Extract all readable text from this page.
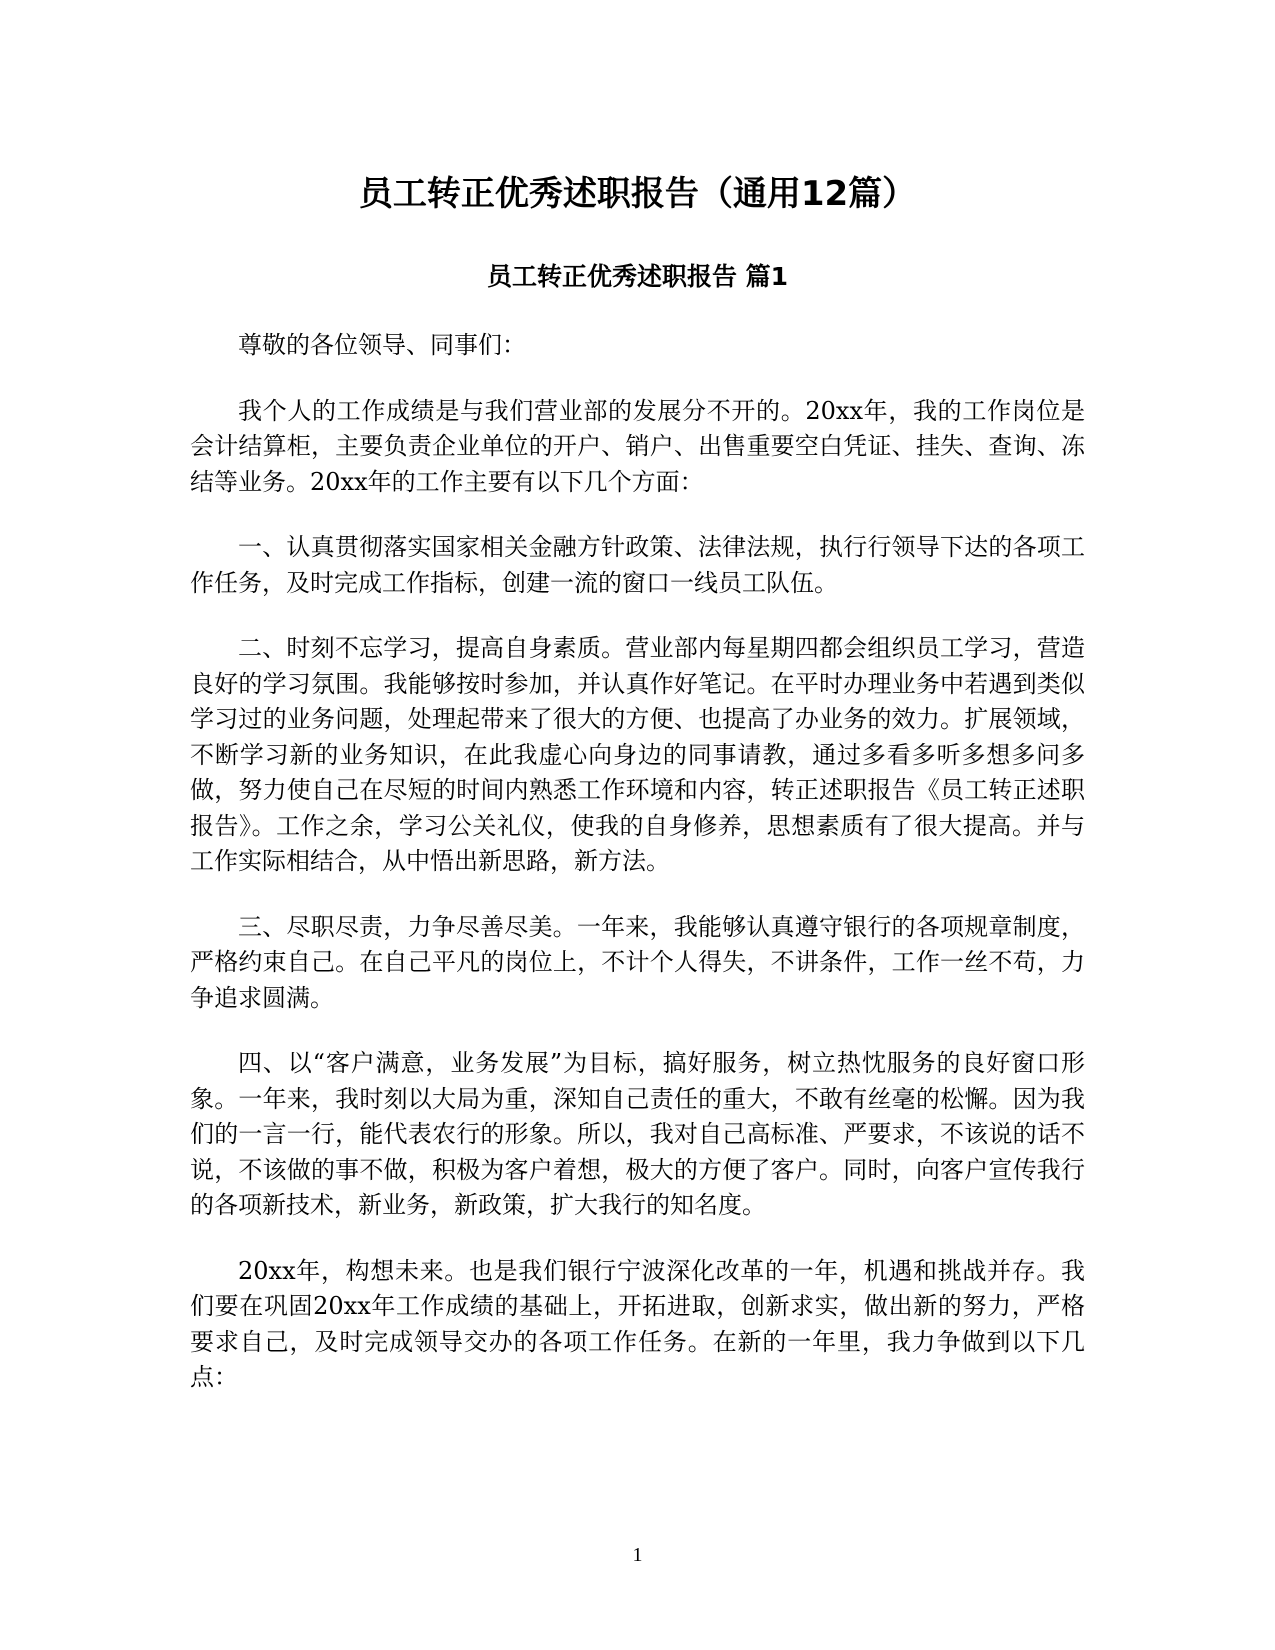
员工转正优秀述职报告（通用12篇）
员工转正优秀述职报告 篇1

尊敬的各位领导、同事们：

我个人的工作成绩是与我们营业部的发展分不开的。20xx年，我的工作岗位是会计结算柜，主要负责企业单位的开户、销户、出售重要空白凭证、挂失、查询、冻结等业务。20xx年的工作主要有以下几个方面：

一、认真贯彻落实国家相关金融方针政策、法律法规，执行行领导下达的各项工作任务，及时完成工作指标，创建一流的窗口一线员工队伍。

二、时刻不忘学习，提高自身素质。营业部内每星期四都会组织员工学习，营造良好的学习氛围。我能够按时参加，并认真作好笔记。在平时办理业务中若遇到类似学习过的业务问题，处理起带来了很大的方便、也提高了办业务的效力。扩展领域，不断学习新的业务知识，在此我虚心向身边的同事请教，通过多看多听多想多问多做，努力使自己在尽短的时间内熟悉工作环境和内容，转正述职报告《员工转正述职报告》。工作之余，学习公关礼仪，使我的自身修养，思想素质有了很大提高。并与工作实际相结合，从中悟出新思路，新方法。

三、尽职尽责，力争尽善尽美。一年来，我能够认真遵守银行的各项规章制度，严格约束自己。在自己平凡的岗位上，不计个人得失，不讲条件，工作一丝不苟，力争追求圆满。

四、以“客户满意，业务发展”为目标，搞好服务，树立热忱服务的良好窗口形象。一年来，我时刻以大局为重，深知自己责任的重大，不敢有丝毫的松懈。因为我们的一言一行，能代表农行的形象。所以，我对自己高标准、严要求，不该说的话不说，不该做的事不做，积极为客户着想，极大的方便了客户。同时，向客户宣传我行的各项新技术，新业务，新政策，扩大我行的知名度。

20xx年，构想未来。也是我们银行宁波深化改革的一年，机遇和挑战并存。我们要在巩固20xx年工作成绩的基础上，开拓进取，创新求实，做出新的努力，严格要求自己，及时完成领导交办的各项工作任务。在新的一年里，我力争做到以下几点：

1
